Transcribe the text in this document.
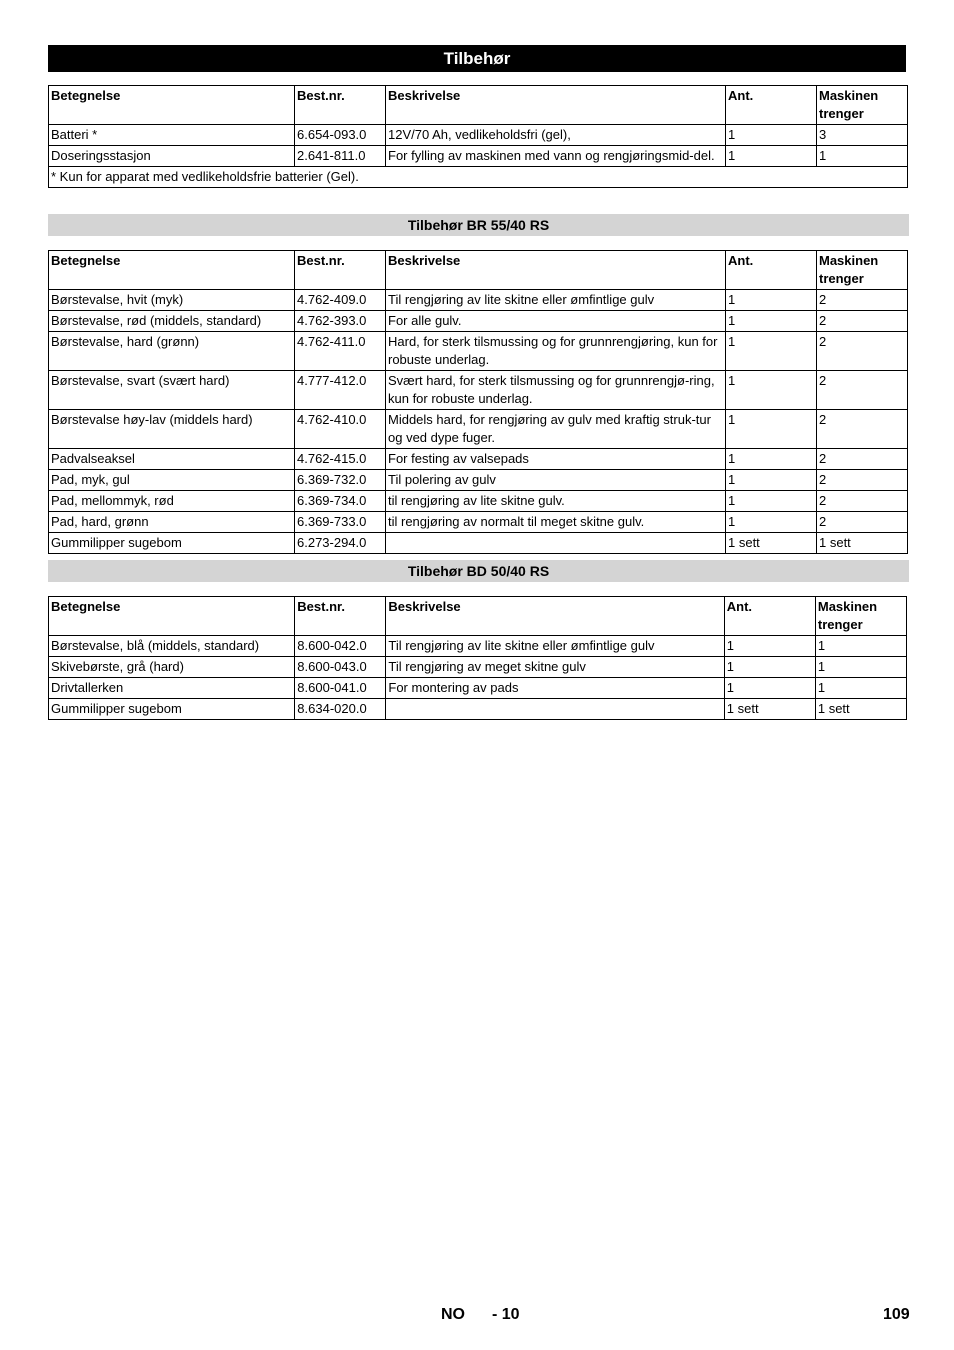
Tilbehør
Betegnelse	Best.nr.	Beskrivelse	Ant.	Maskinen trenger
Batteri *	6.654-093.0	12V/70 Ah, vedlikeholdsfri (gel),	1	3
Doseringsstasjon	2.641-811.0	For fylling av maskinen med vann og rengjøringsmid-del.	1	1
* Kun for apparat med vedlikeholdsfrie batterier (Gel).				
Tilbehør BR 55/40 RS
Betegnelse	Best.nr.	Beskrivelse	Ant.	Maskinen trenger
Børstevalse, hvit (myk)	4.762-409.0	Til rengjøring av lite skitne eller ømfintlige gulv	1	2
Børstevalse, rød (middels, standard)	4.762-393.0	For alle gulv.	1	2
Børstevalse, hard (grønn)	4.762-411.0	Hard, for sterk tilsmussing og for grunnrengjøring, kun for robuste underlag.	1	2
Børstevalse, svart (svært hard)	4.777-412.0	Svært hard, for sterk tilsmussing og for grunnrengjø-ring, kun for robuste underlag.	1	2
Børstevalse høy-lav (middels hard)	4.762-410.0	Middels hard, for rengjøring av gulv med kraftig struk-tur og ved dype fuger.	1	2
Padvalseaksel	4.762-415.0	For festing av valsepads	1	2
Pad, myk, gul	6.369-732.0	Til polering av gulv	1	2
Pad, mellommyk, rød	6.369-734.0	til rengjøring av lite skitne gulv.	1	2
Pad, hard, grønn	6.369-733.0	til rengjøring av normalt til meget skitne gulv.	1	2
Gummilipper sugebom	6.273-294.0		1 sett	1 sett
Tilbehør BD 50/40 RS
Betegnelse	Best.nr.	Beskrivelse	Ant.	Maskinen trenger
Børstevalse, blå (middels, standard)	8.600-042.0	Til rengjøring av lite skitne eller ømfintlige gulv	1	1
Skivebørste, grå (hard)	8.600-043.0	Til rengjøring av meget skitne gulv	1	1
Drivtallerken	8.600-041.0	For montering av pads	1	1
Gummilipper sugebom	8.634-020.0		1 sett	1 sett
NO - 10	109
